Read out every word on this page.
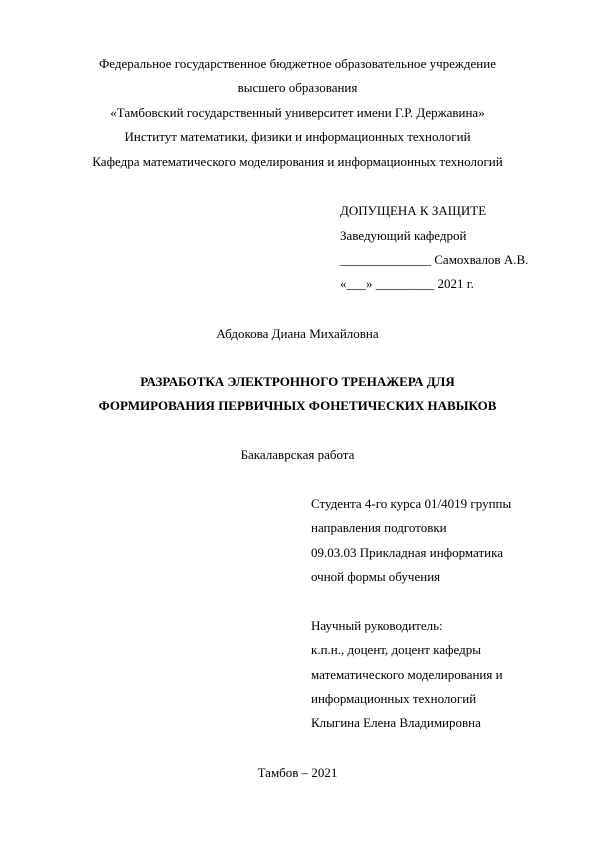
Федеральное государственное бюджетное образовательное учреждение
высшего образования
«Тамбовский государственный университет имени Г.Р. Державина»
Институт математики, физики и информационных технологий
Кафедра математического моделирования и информационных технологий
ДОПУЩЕНА К ЗАЩИТЕ
Заведующий кафедрой
______________ Самохвалов А.В.
«___» _________ 2021 г.
Абдокова Диана Михайловна
РАЗРАБОТКА ЭЛЕКТРОННОГО ТРЕНАЖЕРА ДЛЯ
ФОРМИРОВАНИЯ ПЕРВИЧНЫХ ФОНЕТИЧЕСКИХ НАВЫКОВ
Бакалаврская работа
Студента 4-го курса 01/4019 группы
направления подготовки
09.03.03 Прикладная информатика
очной формы обучения
Научный руководитель:
к.п.н., доцент, доцент кафедры
математического моделирования и
информационных технологий
Клыгина Елена Владимировна
Тамбов – 2021
